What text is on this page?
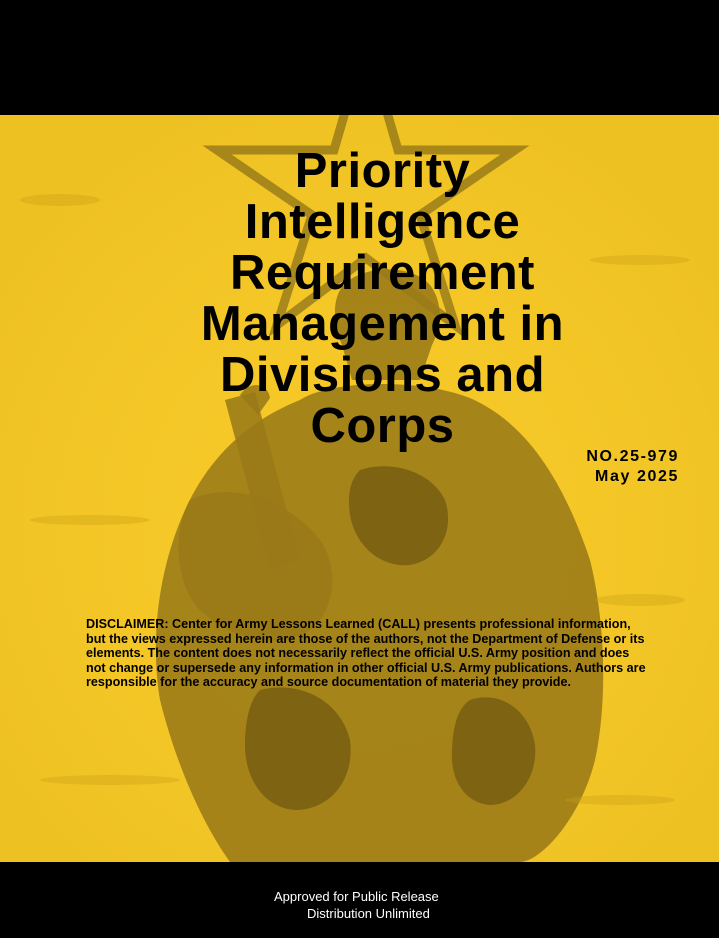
Priority
Intelligence
Requirement
Management in
Divisions and
Corps
NO.25-979
May 2025

DISCLAIMER: Center for Army Lessons Learned (CALL) presents professional information, but the views expressed herein are those of the authors, not the Department of Defense or its elements. The content does not necessarily reflect the official U.S. Army position and does not change or supersede any information in other official U.S. Army publications. Authors are responsible for the accuracy and source documentation of material they provide.

Approved for Public Release
Distribution Unlimited
